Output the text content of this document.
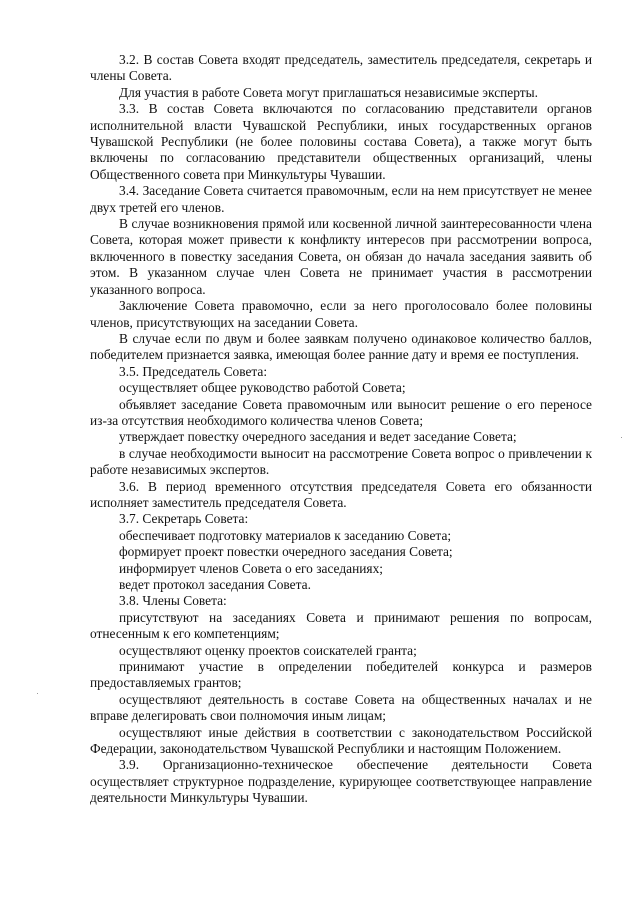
3.2. В состав Совета входят председатель, заместитель председателя, секретарь и члены Совета.

Для участия в работе Совета могут приглашаться независимые эксперты.

3.3. В состав Совета включаются по согласованию представители органов исполнительной власти Чувашской Республики, иных государственных органов Чувашской Республики (не более половины состава Совета), а также могут быть включены по согласованию представители общественных организаций, члены Общественного совета при Минкультуры Чувашии.

3.4. Заседание Совета считается правомочным, если на нем присутствует не менее двух третей его членов.

В случае возникновения прямой или косвенной личной заинтересованности члена Совета, которая может привести к конфликту интересов при рассмотрении вопроса, включенного в повестку заседания Совета, он обязан до начала заседания заявить об этом. В указанном случае член Совета не принимает участия в рассмотрении указанного вопроса.

Заключение Совета правомочно, если за него проголосовало более половины членов, присутствующих на заседании Совета.

В случае если по двум и более заявкам получено одинаковое количество баллов, победителем признается заявка, имеющая более ранние дату и время ее поступления.

3.5. Председатель Совета:

осуществляет общее руководство работой Совета;

объявляет заседание Совета правомочным или выносит решение о его переносе из-за отсутствия необходимого количества членов Совета;

утверждает повестку очередного заседания и ведет заседание Совета;

в случае необходимости выносит на рассмотрение Совета вопрос о привлечении к работе независимых экспертов.

3.6. В период временного отсутствия председателя Совета его обязанности исполняет заместитель председателя Совета.

3.7. Секретарь Совета:

обеспечивает подготовку материалов к заседанию Совета;

формирует проект повестки очередного заседания Совета;

информирует членов Совета о его заседаниях;

ведет протокол заседания Совета.

3.8. Члены Совета:

присутствуют на заседаниях Совета и принимают решения по вопросам, отнесенным к его компетенциям;

осуществляют оценку проектов соискателей гранта;

принимают участие в определении победителей конкурса и размеров предоставляемых грантов;

осуществляют деятельность в составе Совета на общественных началах и не вправе делегировать свои полномочия иным лицам;

осуществляют иные действия в соответствии с законодательством Российской Федерации, законодательством Чувашской Республики и настоящим Положением.

3.9. Организационно-техническое обеспечение деятельности Совета осуществляет структурное подразделение, курирующее соответствующее направление деятельности Минкультуры Чувашии.
